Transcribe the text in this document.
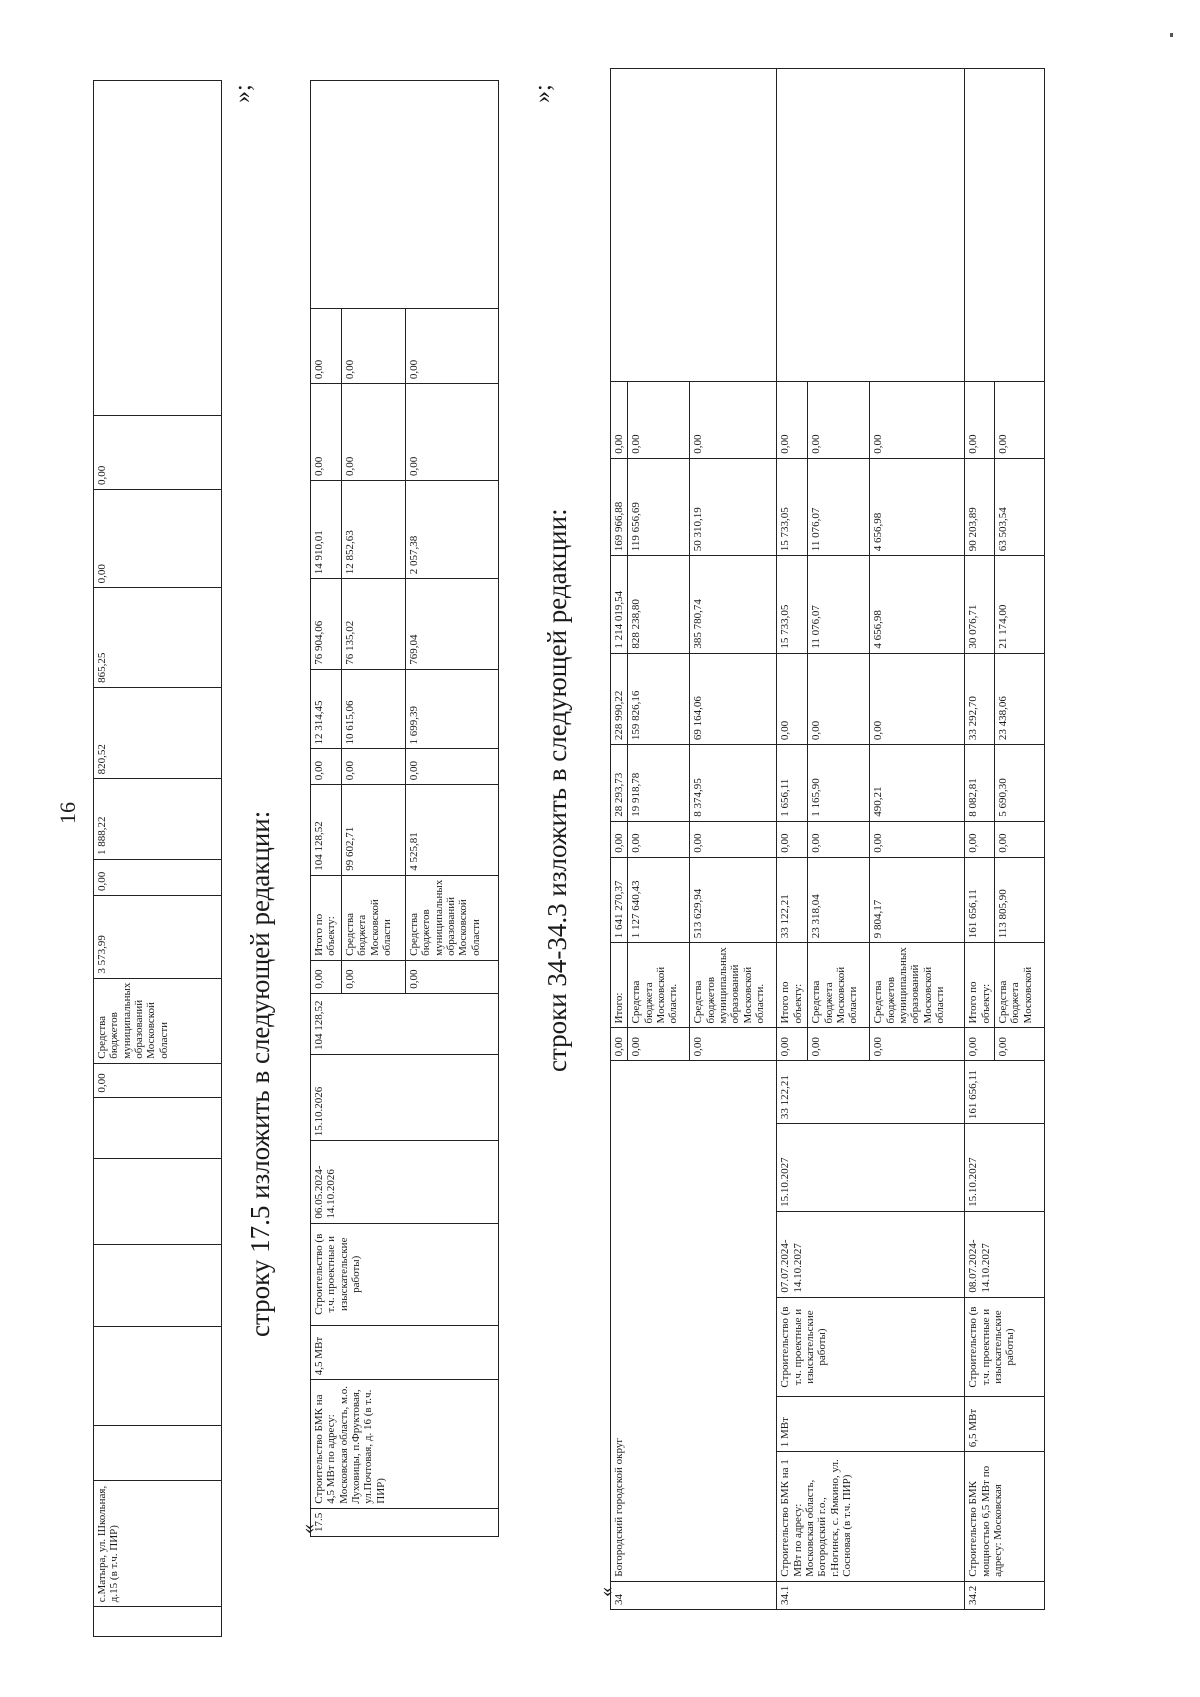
16
	с.Матыра, ул. Школьная, д.15 (в т.ч. ПИР)						0,00	Средства бюджетов муниципальных образований Московской области	3 573,99	0,00	1 888,22	820,52	865,25	0,00	0,00	
»;
строку 17.5 изложить в следующей редакции:
«
17.5	Строительство БМК на 4,5 МВт по адресу: Московская область, м.о. Луховицы, п.Фруктовая, ул.Почтовая, д. 16 (в т.ч. ПИР)	4,5 МВт	Строительство (в т.ч. проектные и изыскательские работы)	06.05.2024-14.10.2026	15.10.2026	104 128,52	0,00	Итого по объекту:	104 128,52	0,00	12 314,45	76 904,06	14 910,01	0,00	0,00	
							0,00	Средства бюджета Московской области	99 602,71	0,00	10 615,06	76 135,02	12 852,63	0,00	0,00	
							0,00	Средства бюджетов муниципальных образований Московской области	4 525,81	0,00	1 699,39	769,04	2 057,38	0,00	0,00	
»;
строки 34-34.3 изложить в следующей редакции:
«
34	Богородский городской округ						0,00	Итого:	1 641 270,37	0,00	28 293,73	228 990,22	1 214 019,54	169 966,88	0,00	
							0,00	Средства бюджета Московской области.	1 127 640,43	0,00	19 918,78	159 826,16	828 238,80	119 656,69	0,00	
							0,00	Средства бюджетов муниципальных образований Московской области.	513 629,94	0,00	8 374,95	69 164,06	385 780,74	50 310,19	0,00	
34.1	Строительство БМК на 1 МВт по адресу: Московская область, Богородский г.о., г.Ногинск, с. Ямкино, ул. Сосновая (в т.ч. ПИР)	1 МВт	Строительство (в т.ч. проектные и изыскательские работы)	07.07.2024-14.10.2027	15.10.2027	33 122,21	0,00	Итого по объекту:	33 122,21	0,00	1 656,11	0,00	15 733,05	15 733,05	0,00	
							0,00	Средства бюджета Московской области	23 318,04	0,00	1 165,90	0,00	11 076,07	11 076,07	0,00	
							0,00	Средства бюджетов муниципальных образований Московской области	9 804,17	0,00	490,21	0,00	4 656,98	4 656,98	0,00	
34.2	Строительство БМК мощностью 6,5 МВт по адресу: Московская	6,5 МВт	Строительство (в т.ч. проектные и изыскательские работы)	08.07.2024-14.10.2027	15.10.2027	161 656,11	0,00	Итого по объекту:	161 656,11	0,00	8 082,81	33 292,70	30 076,71	90 203,89	0,00	
							0,00	Средства бюджета Московской	113 805,90	0,00	5 690,30	23 438,06	21 174,00	63 503,54	0,00	
